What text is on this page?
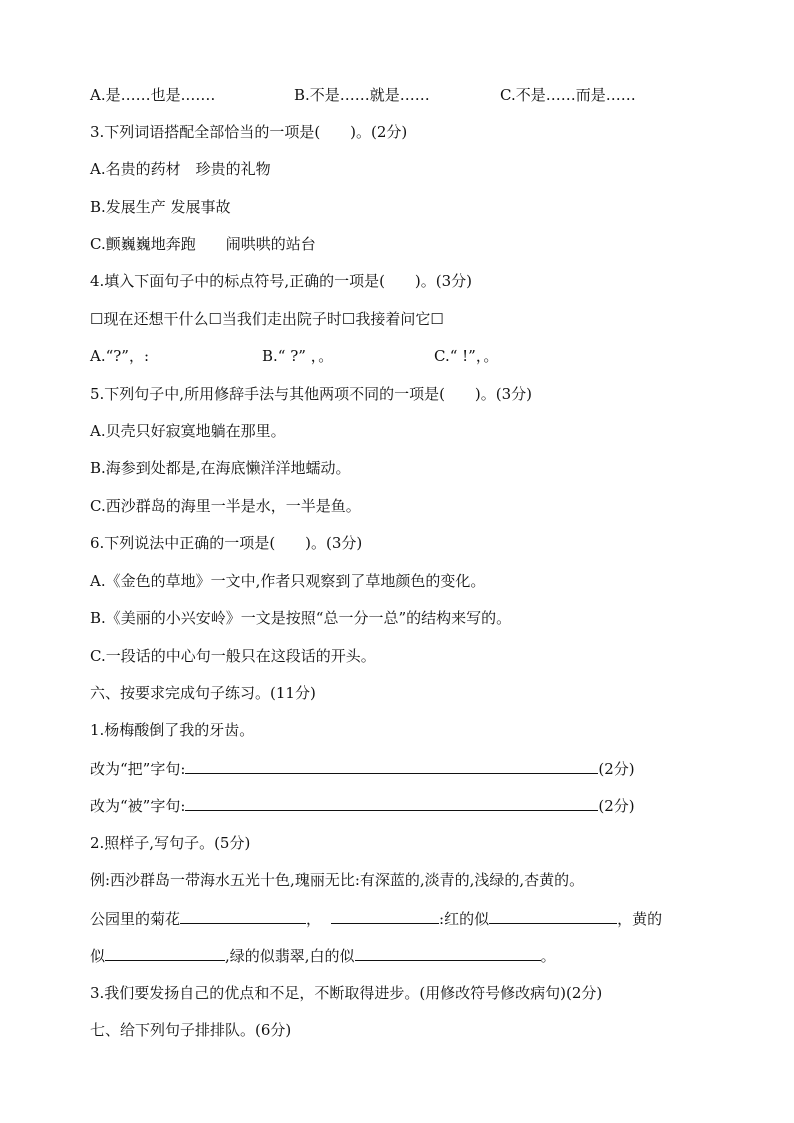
A.是……也是.……	B.不是……就是……	C.不是……而是……
3.下列词语搭配全部恰当的一项是(　　)。(2分)
A.名贵的药材　珍贵的礼物
B.发展生产 发展事故
C.颤巍巍地奔跑　　闹哄哄的站台
4.填入下面句子中的标点符号,正确的一项是(　　)。(3分)
☐现在还想干什么☐当我们走出院子时☐我接着问它☐
A.“?”，:	B.“ ?” ，。	C.“ !”，。
5.下列句子中,所用修辞手法与其他两项不同的一项是(　　)。(3分)
A.贝壳只好寂寞地躺在那里。
B.海参到处都是,在海底懒洋洋地蠕动。
C.西沙群岛的海里一半是水，一半是鱼。
6.下列说法中正确的一项是(　　)。(3分)
A.《金色的草地》一文中,作者只观察到了草地颜色的变化。
B.《美丽的小兴安岭》一文是按照“总一分一总”的结构来写的。
C.一段话的中心句一般只在这段话的开头。
六、按要求完成句子练习。(11分)
1.杨梅酸倒了我的牙齿。
改为“把”字句:	(2分)
改为“被”字句:	(2分)
2.照样子,写句子。(5分)
例:西沙群岛一带海水五光十色,瑰丽无比:有深蓝的,淡青的,浅绿的,杏黄的。
公园里的菊花	，	:红的似	，黄的
似	,绿的似翡翠,白的似	。
3.我们要发扬自己的优点和不足，不断取得进步。(用修改符号修改病句)(2分)
七、给下列句子排排队。(6分)
